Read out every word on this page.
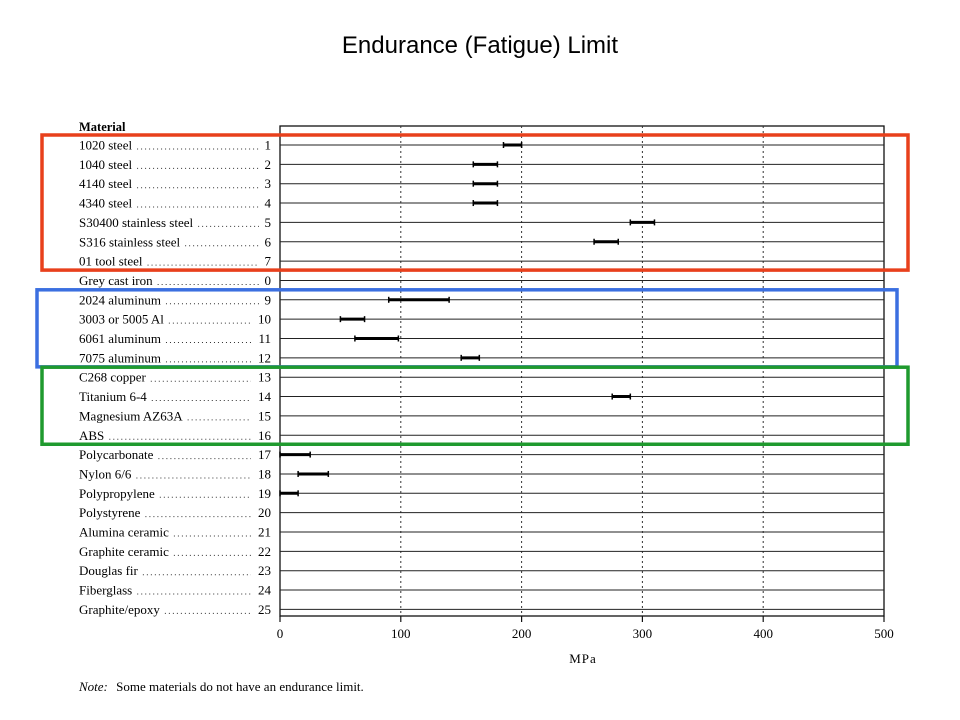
Endurance (Fatigue) Limit
1020 steel	1
1040 steel	2
4140 steel	3
4340 steel	4
S30400 stainless steel	5
S316 stainless steel	6
01 tool steel	7
Grey cast iron	0
2024 aluminum	9
3003 or 5005 Al	10
6061 aluminum	11
7075 aluminum	12
C268 copper	13
Titanium 6-4	14
Magnesium AZ63A	15
ABS	16
Polycarbonate	17
Nylon 6/6	18
Polypropylene	19
Polystyrene	20
Alumina ceramic	21
Graphite ceramic	22
Douglas fir	23
Fiberglass	24
Graphite/epoxy	25
0	100	200	300	400	500
Material
MPa
Note: Some materials do not have an endurance limit.
